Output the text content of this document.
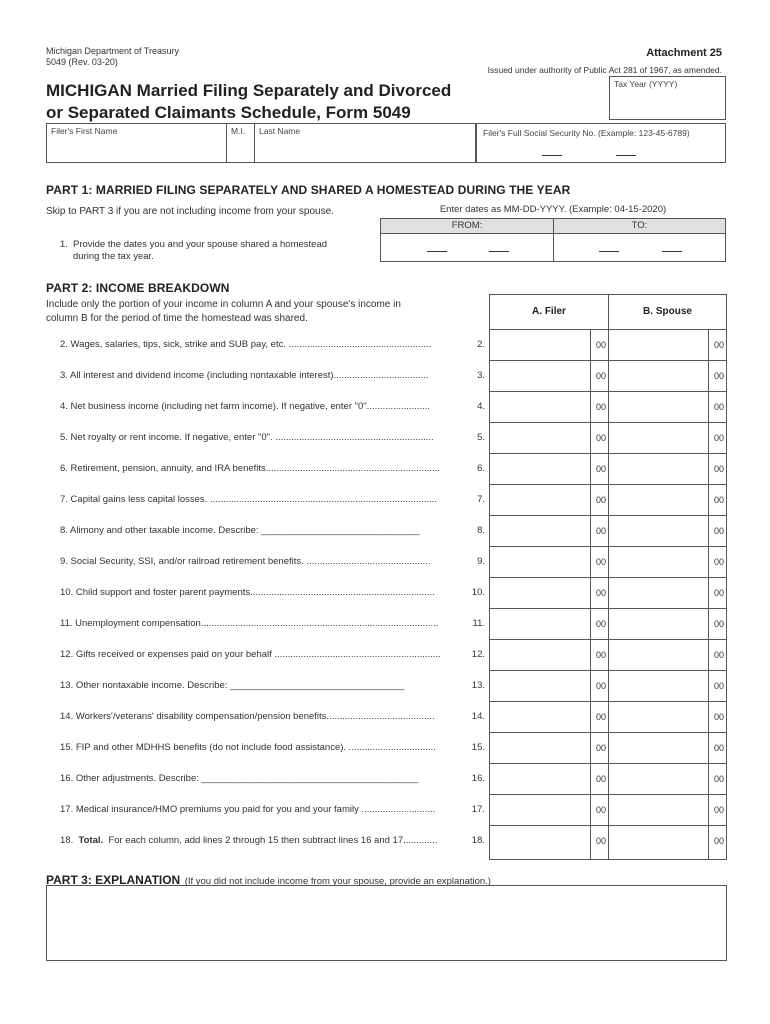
Michigan Department of Treasury
5049 (Rev. 03-20)
Attachment 25
Issued under authority of Public Act 281 of 1967, as amended.
MICHIGAN Married Filing Separately and Divorced
or Separated Claimants Schedule, Form 5049
Tax Year (YYYY)
Filer's First Name	M.I. Last Name	Filer's Full Social Security No. (Example: 123-45-6789)
PART 1: MARRIED FILING SEPARATELY AND SHARED A HOMESTEAD DURING THE YEAR
Skip to PART 3 if you are not including income from your spouse.	Enter dates as MM-DD-YYYY. (Example: 04-15-2020)
FROM:	TO:
1. Provide the dates you and your spouse shared a homestead
during the tax year.
PART 2: INCOME BREAKDOWN
Include only the portion of your income in column A and your spouse's income in
column B for the period of time the homestead was shared.
A. Filer	B. Spouse
2. Wages, salaries, tips, sick, strike and SUB pay, etc. ......................................................	2.	00	00
3. All interest and dividend income (including nontaxable interest)....................................	3.	00	00
4. Net business income (including net farm income). If negative, enter "0"........................	4.	00	00
5. Net royalty or rent income. If negative, enter "0". ............................................................	5.	00	00
6. Retirement, pension, annuity, and IRA benefits..................................................................	6.	00	00
7. Capital gains less capital losses. ......................................................................................	7.	00	00
8. Alimony and other taxable income. Describe: ______________________________	8.	00	00
9. Social Security, SSI, and/or railroad retirement benefits. ...............................................	9.	00	00
10. Child support and foster parent payments......................................................................	10.	00	00
11. Unemployment compensation..........................................................................................	11.	00	00
12. Gifts received or expenses paid on your behalf ...............................................................	12.	00	00
13. Other nontaxable income. Describe: _________________________________	13.	00	00
14. Workers'/veterans' disability compensation/pension benefits.........................................	14.	00	00
15. FIP and other MDHHS benefits (do not include food assistance). .................................	15.	00	00
16. Other adjustments. Describe: _________________________________________	16.	00	00
17. Medical insurance/HMO premiums you paid for you and your family ............................	17.	00	00
18.  Total. For each column, add lines 2 through 15 then subtract lines 16 and 17.............	18.	00	00
PART 3: EXPLANATION (If you did not include income from your spouse, provide an explanation.)
